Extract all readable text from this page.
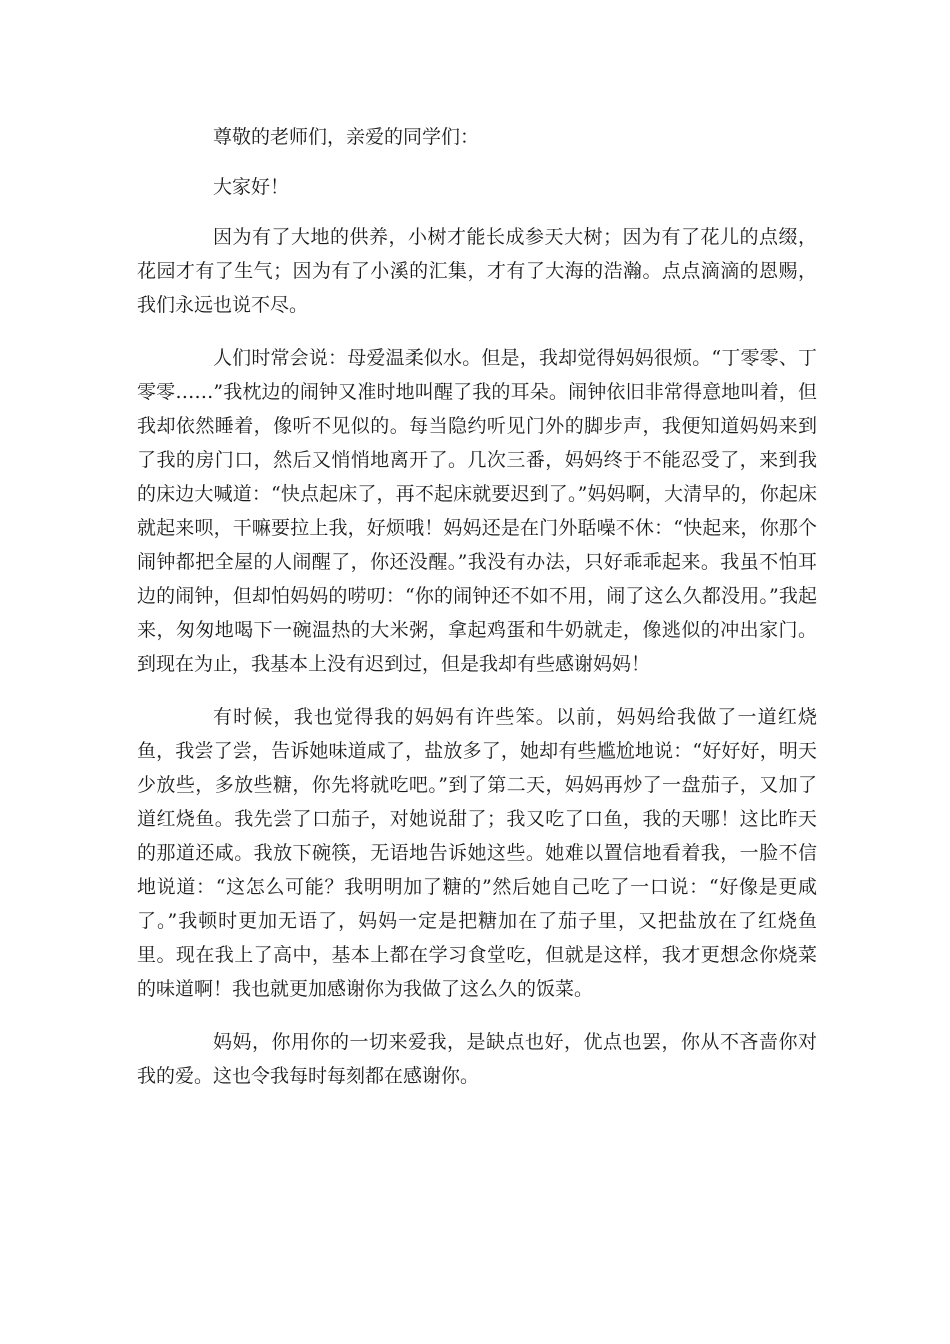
尊敬的老师们，亲爱的同学们：

大家好！

因为有了大地的供养，小树才能长成参天大树；因为有了花儿的点缀，花园才有了生气；因为有了小溪的汇集，才有了大海的浩瀚。点点滴滴的恩赐，我们永远也说不尽。

人们时常会说：母爱温柔似水。但是，我却觉得妈妈很烦。“丁零零、丁零零……”我枕边的闹钟又准时地叫醒了我的耳朵。闹钟依旧非常得意地叫着，但我却依然睡着，像听不见似的。每当隐约听见门外的脚步声，我便知道妈妈来到了我的房门口，然后又悄悄地离开了。几次三番，妈妈终于不能忍受了，来到我的床边大喊道：“快点起床了，再不起床就要迟到了。”妈妈啊，大清早的，你起床就起来呗，干嘛要拉上我，好烦哦！妈妈还是在门外聒噪不休：“快起来，你那个闹钟都把全屋的人闹醒了，你还没醒。”我没有办法，只好乖乖起来。我虽不怕耳边的闹钟，但却怕妈妈的唠叨：“你的闹钟还不如不用，闹了这么久都没用。”我起来，匆匆地喝下一碗温热的大米粥，拿起鸡蛋和牛奶就走，像逃似的冲出家门。到现在为止，我基本上没有迟到过，但是我却有些感谢妈妈！

有时候，我也觉得我的妈妈有许些笨。以前，妈妈给我做了一道红烧鱼，我尝了尝，告诉她味道咸了，盐放多了，她却有些尴尬地说：“好好好，明天少放些，多放些糖，你先将就吃吧。”到了第二天，妈妈再炒了一盘茄子，又加了道红烧鱼。我先尝了口茄子，对她说甜了；我又吃了口鱼，我的天哪！这比昨天的那道还咸。我放下碗筷，无语地告诉她这些。她难以置信地看着我，一脸不信地说道：“这怎么可能？我明明加了糖的”然后她自己吃了一口说：“好像是更咸了。”我顿时更加无语了，妈妈一定是把糖加在了茄子里，又把盐放在了红烧鱼里。现在我上了高中，基本上都在学习食堂吃，但就是这样，我才更想念你烧菜的味道啊！我也就更加感谢你为我做了这么久的饭菜。

妈妈，你用你的一切来爱我，是缺点也好，优点也罢，你从不吝啬你对我的爱。这也令我每时每刻都在感谢你。
